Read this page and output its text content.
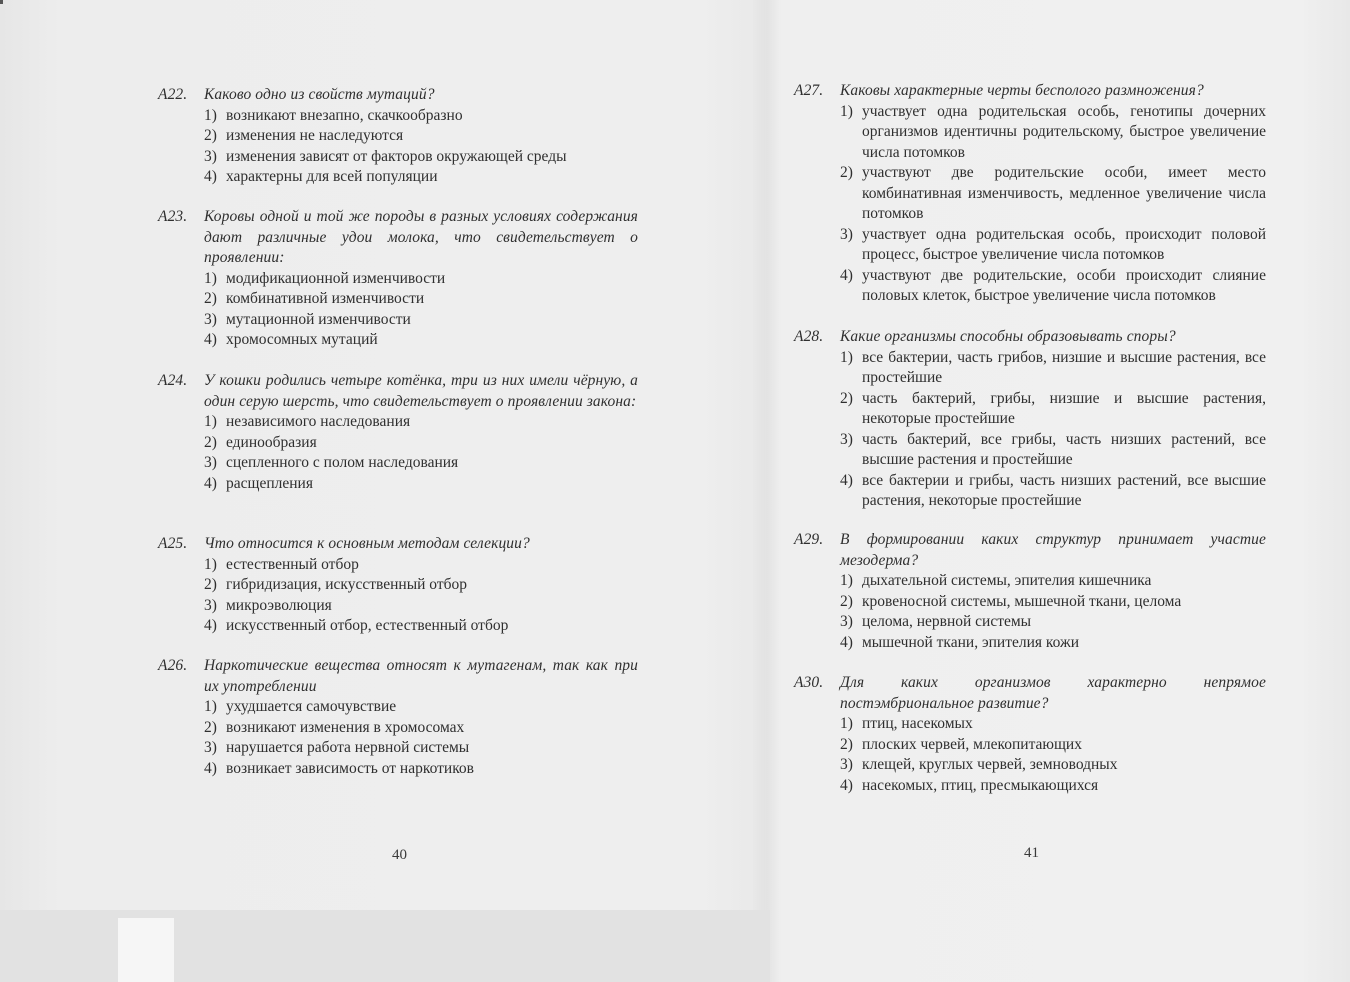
А22.	Каково одно из свойств мутаций?
1) возникают внезапно, скачкообразно
2) изменения не наследуются
3) изменения зависят от факторов окружающей среды
4) характерны для всей популяции
А23.	Коровы одной и той же породы в разных условиях содержания дают различные удои молока, что свидетельствует о проявлении:
1) модификационной изменчивости
2) комбинативной изменчивости
3) мутационной изменчивости
4) хромосомных мутаций
А24.	У кошки родились четыре котёнка, три из них имели чёрную, а один серую шерсть, что свидетельствует о проявлении закона:
1) независимого наследования
2) единообразия
3) сцепленного с полом наследования
4) расщепления
А25.	Что относится к основным методам селекции?
1) естественный отбор
2) гибридизация, искусственный отбор
3) микроэволюция
4) искусственный отбор, естественный отбор
А26.	Наркотические вещества относят к мутагенам, так как при их употреблении
1) ухудшается самочувствие
2) возникают изменения в хромосомах
3) нарушается работа нервной системы
4) возникает зависимость от наркотиков
40
А27.	Каковы характерные черты бесполого размножения?
1) участвует одна родительская особь, генотипы дочерних организмов идентичны родительскому, быстрое увеличение числа потомков
2) участвуют две родительские особи, имеет место комбинативная изменчивость, медленное увеличение числа потомков
3) участвует одна родительская особь, происходит половой процесс, быстрое увеличение числа потомков
4) участвуют две родительские, особи происходит слияние половых клеток, быстрое увеличение числа потомков
А28.	Какие организмы способны образовывать споры?
1) все бактерии, часть грибов, низшие и высшие растения, все простейшие
2) часть бактерий, грибы, низшие и высшие растения, некоторые простейшие
3) часть бактерий, все грибы, часть низших растений, все высшие растения и простейшие
4) все бактерии и грибы, часть низших растений, все высшие растения, некоторые простейшие
А29.	В формировании каких структур принимает участие мезодерма?
1) дыхательной системы, эпителия кишечника
2) кровеносной системы, мышечной ткани, целома
3) целома, нервной системы
4) мышечной ткани, эпителия кожи
А30.	Для каких организмов характерно непрямое постэмбриональное развитие?
1) птиц, насекомых
2) плоских червей, млекопитающих
3) клещей, круглых червей, земноводных
4) насекомых, птиц, пресмыкающихся
41
